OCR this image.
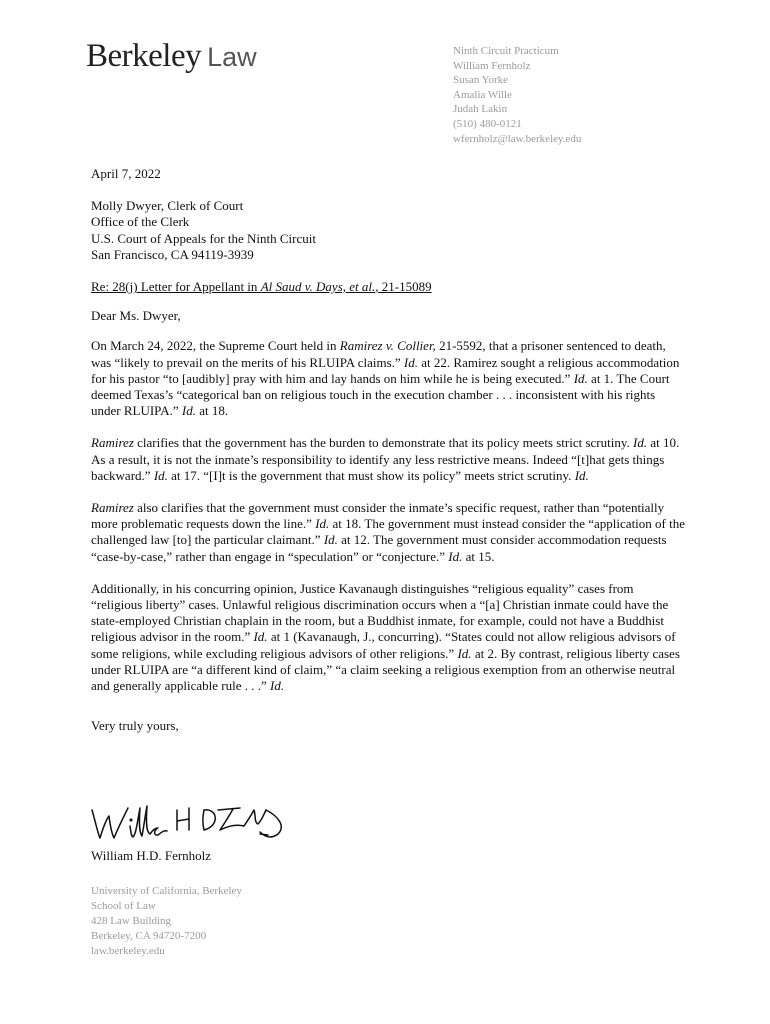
Berkeley Law	Ninth Circuit Practicum
William Fernholz
Susan Yorke
Amalia Wille
Judah Lakin
(510) 480-0121
wfernholz@law.berkeley.edu

April 7, 2022

Molly Dwyer, Clerk of Court
Office of the Clerk
U.S. Court of Appeals for the Ninth Circuit
San Francisco, CA 94119-3939

Re: 28(j) Letter for Appellant in Al Saud v. Days, et al., 21-15089

Dear Ms. Dwyer,

On March 24, 2022, the Supreme Court held in Ramirez v. Collier, 21-5592, that a prisoner sentenced to death, was “likely to prevail on the merits of his RLUIPA claims.” Id. at 22. Ramirez sought a religious accommodation for his pastor “to [audibly] pray with him and lay hands on him while he is being executed.” Id. at 1. The Court deemed Texas’s “categorical ban on religious touch in the execution chamber . . . inconsistent with his rights under RLUIPA.” Id. at 18.

Ramirez clarifies that the government has the burden to demonstrate that its policy meets strict scrutiny. Id. at 10. As a result, it is not the inmate’s responsibility to identify any less restrictive means. Indeed “[t]hat gets things backward.” Id. at 17. “[I]t is the government that must show its policy” meets strict scrutiny. Id.

Ramirez also clarifies that the government must consider the inmate’s specific request, rather than “potentially more problematic requests down the line.” Id. at 18. The government must instead consider the “application of the challenged law [to] the particular claimant.” Id. at 12. The government must consider accommodation requests “case-by-case,” rather than engage in “speculation” or “conjecture.” Id. at 15.

Additionally, in his concurring opinion, Justice Kavanaugh distinguishes “religious equality” cases from “religious liberty” cases. Unlawful religious discrimination occurs when a “[a] Christian inmate could have the state-employed Christian chaplain in the room, but a Buddhist inmate, for example, could not have a Buddhist religious advisor in the room.” Id. at 1 (Kavanaugh, J., concurring). “States could not allow religious advisors of some religions, while excluding religious advisors of other religions.” Id. at 2. By contrast, religious liberty cases under RLUIPA are “a different kind of claim,” “a claim seeking a religious exemption from an otherwise neutral and generally applicable rule . . .” Id.

Very truly yours,

William H.D. Fernholz
University of California, Berkeley
School of Law
428 Law Building
Berkeley, CA 94720-7200
law.berkeley.edu
